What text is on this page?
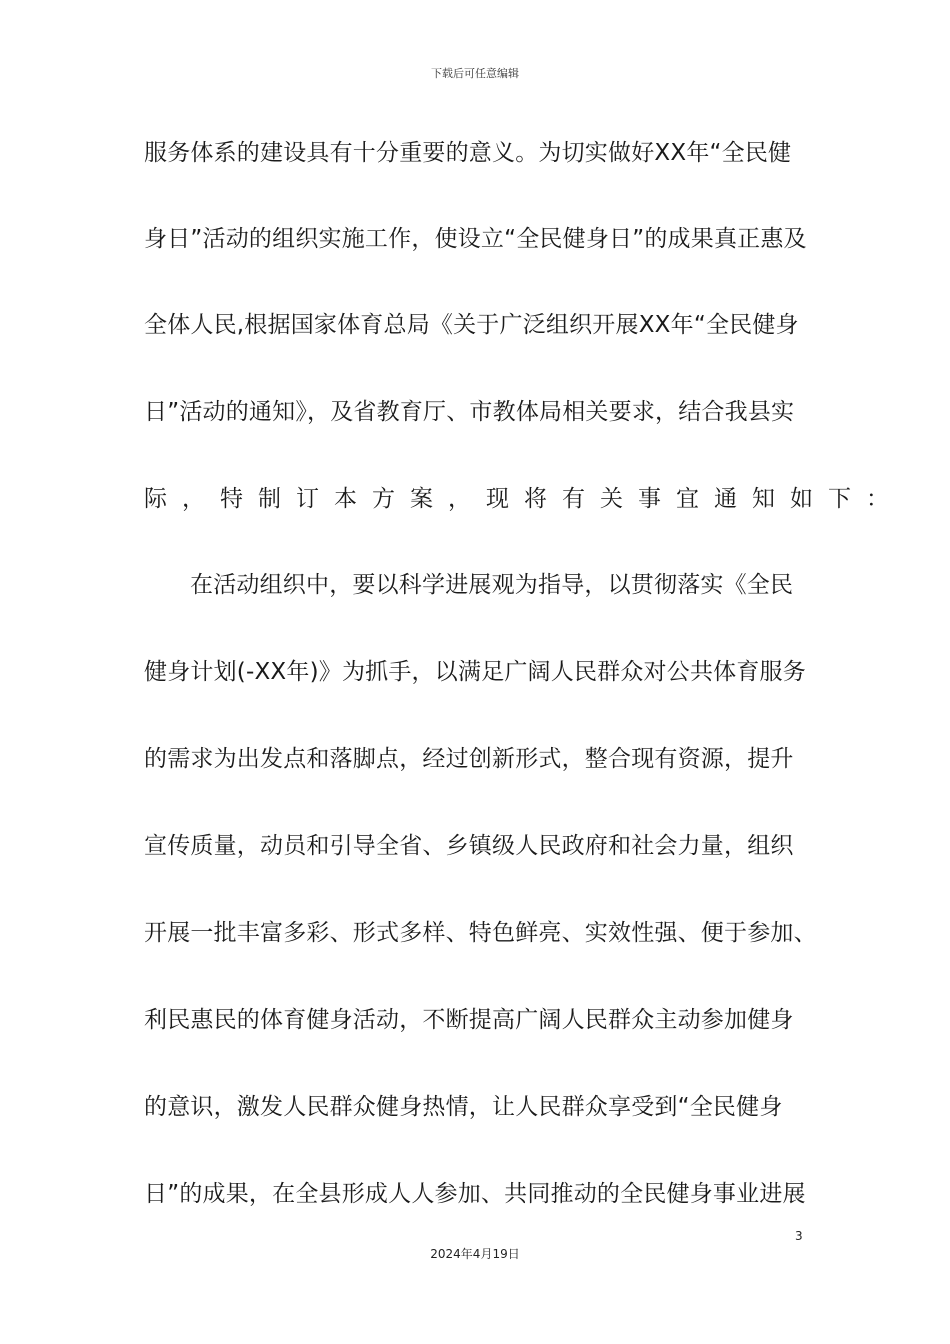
下载后可任意编辑
服务体系的建设具有十分重要的意义。为切实做好XX年“全民健
身日”活动的组织实施工作，使设立“全民健身日”的成果真正惠及
全体人民,根据国家体育总局《关于广泛组织开展XX年“全民健身
日”活动的通知》，及省教育厅、市教体局相关要求，结合我县实
际，特制订本方案，现将有关事宜通知如下：
在活动组织中，要以科学进展观为指导，以贯彻落实《全民
健身计划(-XX年)》为抓手，以满足广阔人民群众对公共体育服务
的需求为出发点和落脚点，经过创新形式，整合现有资源，提升
宣传质量，动员和引导全省、乡镇级人民政府和社会力量，组织
开展一批丰富多彩、形式多样、特色鲜亮、实效性强、便于参加、
利民惠民的体育健身活动，不断提高广阔人民群众主动参加健身
的意识，激发人民群众健身热情，让人民群众享受到“全民健身
日”的成果，在全县形成人人参加、共同推动的全民健身事业进展
3
2024年4月19日
